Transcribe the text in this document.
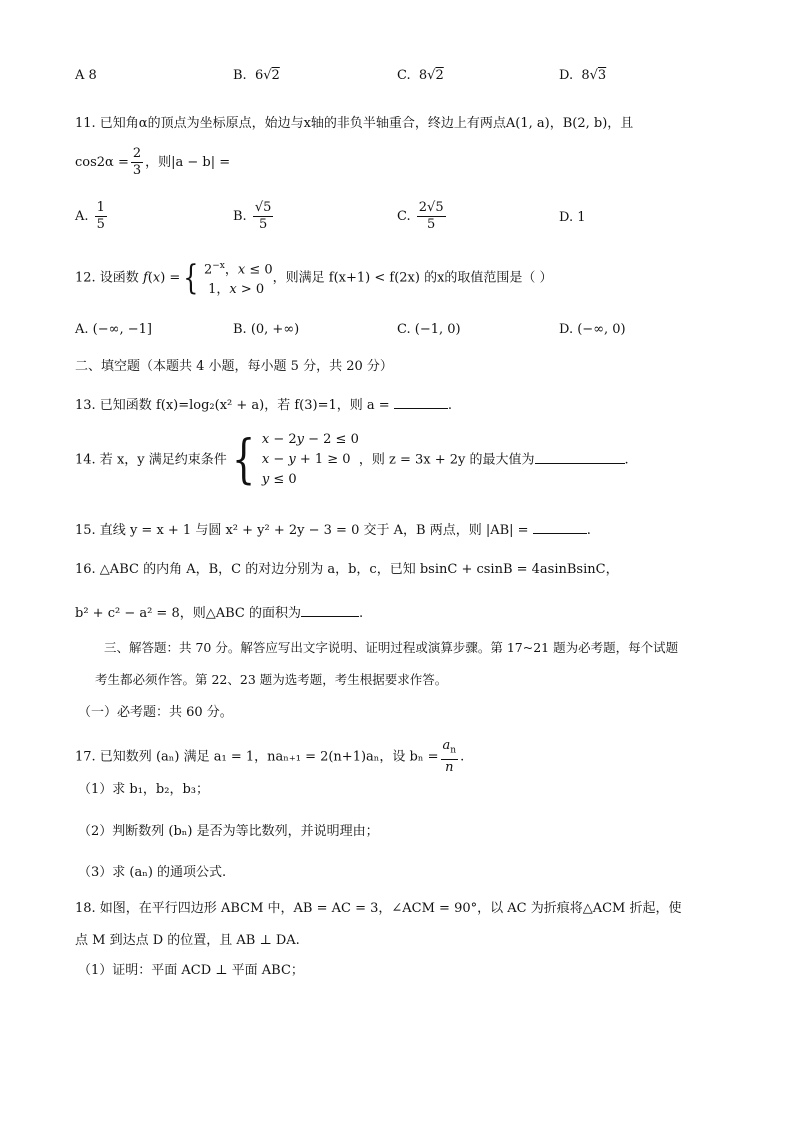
A 8	B.  6√2	C.  8√2	D.  8√3
11. 已知角α的顶点为坐标原点，始边与x轴的非负半轴重合，终边上有两点A(1, a)，B(2, b)，且
$\cos 2\alpha = \frac{2}{3}$ ，则|a − b| =
A. $\frac{1}{5}$	B. $\frac{√5}{5}$	C. $\frac{2√5}{5}$	D. 1
12. 设函数 f(x) ={ $2^{-x}$，x ≤ 0
1，x > 0
，则满足 f(x+1) < f(2x) 的x的取值范围是（ ）
A. (−∞, −1]	B. (0, +∞)	C. (−1, 0)	D. (−∞, 0)
二、填空题（本题共 4 小题，每小题 5 分，共 20 分）
13. 已知函数 f(x)=log₂(x² + a)，若 f(3)=1，则 a =	.
14. 若 x，y 满足约束条件{ x − 2y − 2 ≤ 0
x − y + 1 ≥ 0
y ≤ 0
，则 z = 3x + 2y 的最大值为	.
15. 直线 y = x + 1 与圆 x² + y² + 2y − 3 = 0 交于 A，B 两点，则 |AB| =	.
16. △ABC 的内角 A，B，C 的对边分别为 a，b，c，已知 bsinC + csinB = 4asinBsinC，
b² + c² − a² = 8，则△ABC 的面积为	.
三、解答题：共 70 分。解答应写出文字说明、证明过程或演算步骤。第 17~21 题为必考题，每个试题
考生都必须作答。第 22、23 题为选考题，考生根据要求作答。
（一）必考题：共 60 分。
17. 已知数列 (aₙ) 满足 a₁ = 1，naₙ₊₁ = 2(n+1)aₙ，设 $b_n = \frac{a_n}{n}$ .
（1）求 b₁，b₂，b₃；
（2）判断数列 (bₙ) 是否为等比数列，并说明理由；
（3）求 (aₙ) 的通项公式.
18. 如图，在平行四边形 ABCM 中，AB = AC = 3，∠ACM = 90°，以 AC 为折痕将△ACM 折起，使
点 M 到达点 D 的位置，且 AB ⊥ DA.
（1）证明：平面 ACD ⊥ 平面 ABC；
